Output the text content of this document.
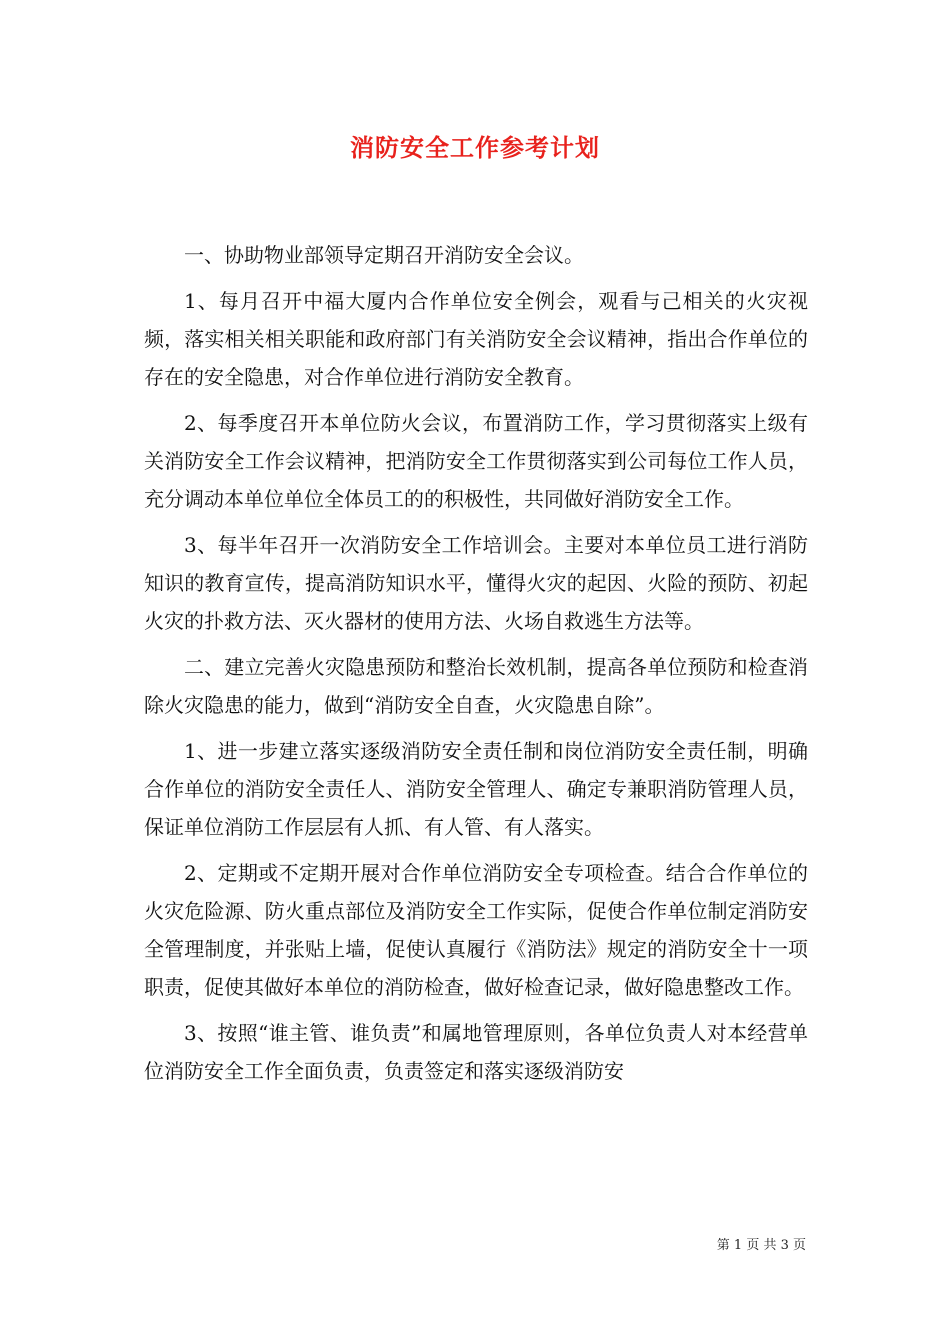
消防安全工作参考计划

一、协助物业部领导定期召开消防安全会议。

1、每月召开中福大厦内合作单位安全例会，观看与己相关的火灾视频，落实相关相关职能和政府部门有关消防安全会议精神，指出合作单位的存在的安全隐患，对合作单位进行消防安全教育。

2、每季度召开本单位防火会议，布置消防工作，学习贯彻落实上级有关消防安全工作会议精神，把消防安全工作贯彻落实到公司每位工作人员，充分调动本单位单位全体员工的的积极性，共同做好消防安全工作。

3、每半年召开一次消防安全工作培训会。主要对本单位员工进行消防知识的教育宣传，提高消防知识水平，懂得火灾的起因、火险的预防、初起火灾的扑救方法、灭火器材的使用方法、火场自救逃生方法等。

二、建立完善火灾隐患预防和整治长效机制，提高各单位预防和检查消除火灾隐患的能力，做到“消防安全自查，火灾隐患自除”。

1、进一步建立落实逐级消防安全责任制和岗位消防安全责任制，明确合作单位的消防安全责任人、消防安全管理人、确定专兼职消防管理人员，保证单位消防工作层层有人抓、有人管、有人落实。

2、定期或不定期开展对合作单位消防安全专项检查。结合合作单位的火灾危险源、防火重点部位及消防安全工作实际，促使合作单位制定消防安全管理制度，并张贴上墙，促使认真履行《消防法》规定的消防安全十一项职责，促使其做好本单位的消防检查，做好检查记录，做好隐患整改工作。

3、按照“谁主管、谁负责”和属地管理原则，各单位负责人对本经营单位消防安全工作全面负责，负责签定和落实逐级消防安

第 1 页 共 3 页
